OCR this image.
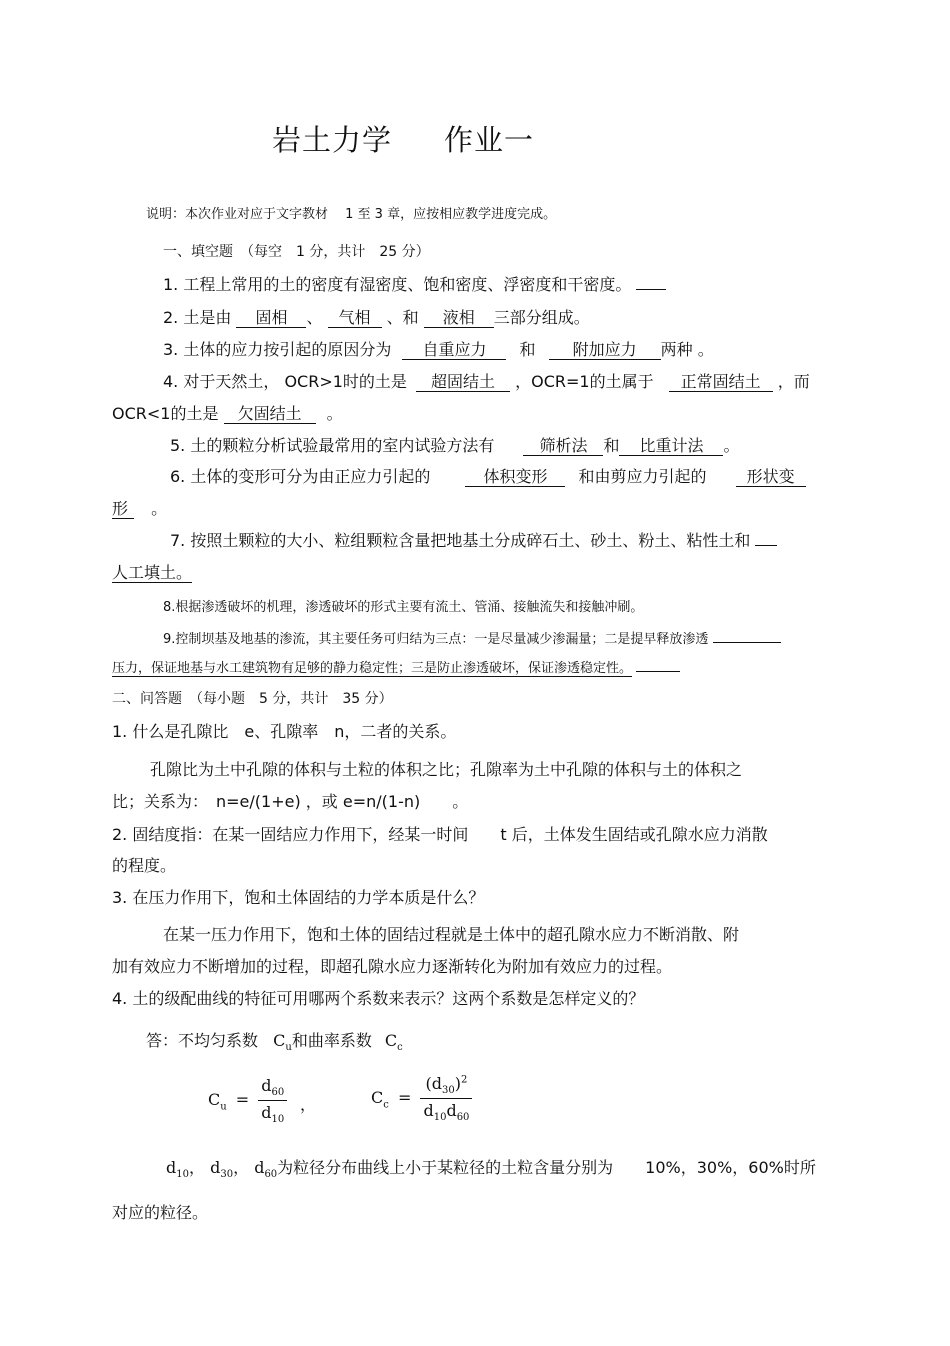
岩土力学 作业一
说明：本次作业对应于文字教材　 1 至 3 章，应按相应教学进度完成。
一、填空题　（每空　1 分，共计　25 分）
1. 工程上常用的土的密度有湿密度、饱和密度、浮密度和干密度。
2. 土是由 固相 、 气相 、和 液相 三部分组成。
3. 土体的应力按引起的原因分为 自重应力 和 附加应力 两种 。
4. 对于天然土， OCR>1时的土是 超固结土 ，OCR=1的土属于 正常固结土 ，而
OCR<1的土是 欠固结土 。
5. 土的颗粒分析试验最常用的室内试验方法有	筛析法 和 比重计法 。
6. 土体的变形可分为由正应力引起的	体积变形 和由剪应力引起的	形状变
形 。
7. 按照土颗粒的大小、粒组颗粒含量把地基土分成碎石土、砂土、粉土、粘性土和
人工填土。
8.根据渗透破坏的机理，渗透破坏的形式主要有流土、管涌、接触流失和接触冲刷。
9.控制坝基及地基的渗流，其主要任务可归结为三点：一是尽量减少渗漏量；二是提早释放渗透
压力，保证地基与水工建筑物有足够的静力稳定性；三是防止渗透破坏，保证渗透稳定性。
二、问答题　（每小题　5 分，共计　35 分）
1. 什么是孔隙比　e、孔隙率　n，二者的关系。
孔隙比为土中孔隙的体积与土粒的体积之比；孔隙率为土中孔隙的体积与土的体积之
比；关系为：　n=e/(1+e) ，或 e=n/(1-n)　　。
2. 固结度指：在某一固结应力作用下，经某一时间　　t 后，土体发生固结或孔隙水应力消散
的程度。
3. 在压力作用下，饱和土体固结的力学本质是什么？
在某一压力作用下，饱和土体的固结过程就是土体中的超孔隙水应力不断消散、附
加有效应力不断增加的过程，即超孔隙水应力逐渐转化为附加有效应力的过程。
4. 土的级配曲线的特征可用哪两个系数来表示？这两个系数是怎样定义的？
答：不均匀系数 $C_u$和曲率系数 $C_c$
$C_u = \frac{d_{60}}{d_{10}}$ ，	$C_c = \frac{(d_{30})^2}{d_{10}d_{60}}$
$d_{10}$， $d_{30}$， $d_{60}$为粒径分布曲线上小于某粒径的土粒含量分别为　　10%，30%，60%时所
对应的粒径。
